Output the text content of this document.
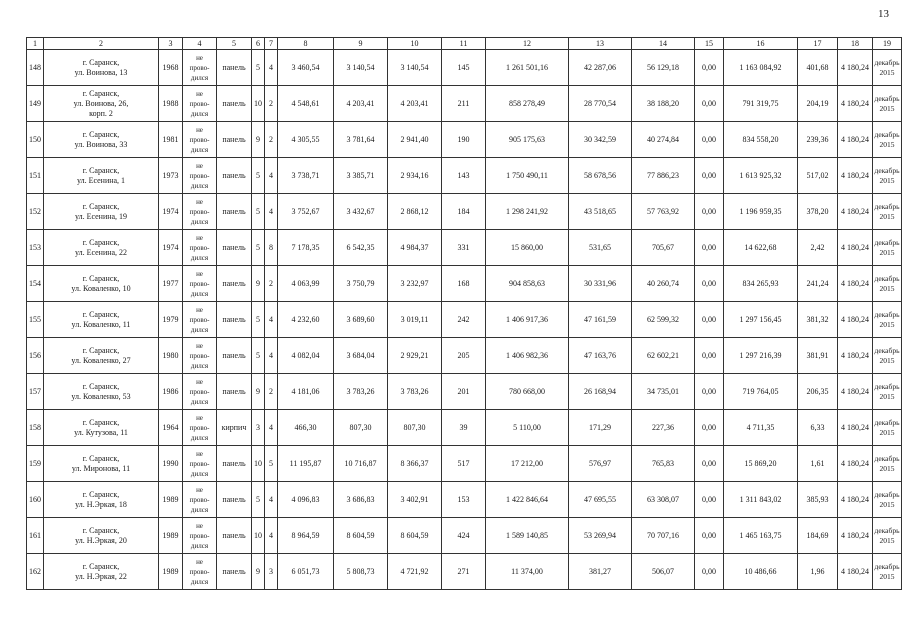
13
1	2	3	4	5	6	7	8	9	10	11	12	13	14	15	16	17	18	19
148	г. Саранск,
ул. Воинова, 13	1968	не
прово-
дился	панель	5	4	3 460,54	3 140,54	3 140,54	145	1 261 501,16	42 287,06	56 129,18	0,00	1 163 084,92	401,68	4 180,24	декабрь
2015
149	г. Саранск,
ул. Воинова, 26,
корп. 2	1988	не
прово-
дился	панель	10	2	4 548,61	4 203,41	4 203,41	211	858 278,49	28 770,54	38 188,20	0,00	791 319,75	204,19	4 180,24	декабрь
2015
150	г. Саранск,
ул. Воинова, 33	1981	не
прово-
дился	панель	9	2	4 305,55	3 781,64	2 941,40	190	905 175,63	30 342,59	40 274,84	0,00	834 558,20	239,36	4 180,24	декабрь
2015
151	г. Саранск,
ул. Есенина, 1	1973	не
прово-
дился	панель	5	4	3 738,71	3 385,71	2 934,16	143	1 750 490,11	58 678,56	77 886,23	0,00	1 613 925,32	517,02	4 180,24	декабрь
2015
152	г. Саранск,
ул. Есенина, 19	1974	не
прово-
дился	панель	5	4	3 752,67	3 432,67	2 868,12	184	1 298 241,92	43 518,65	57 763,92	0,00	1 196 959,35	378,20	4 180,24	декабрь
2015
153	г. Саранск,
ул. Есенина, 22	1974	не
прово-
дился	панель	5	8	7 178,35	6 542,35	4 984,37	331	15 860,00	531,65	705,67	0,00	14 622,68	2,42	4 180,24	декабрь
2015
154	г. Саранск,
ул. Коваленко, 10	1977	не
прово-
дился	панель	9	2	4 063,99	3 750,79	3 232,97	168	904 858,63	30 331,96	40 260,74	0,00	834 265,93	241,24	4 180,24	декабрь
2015
155	г. Саранск,
ул. Коваленко, 11	1979	не
прово-
дился	панель	5	4	4 232,60	3 689,60	3 019,11	242	1 406 917,36	47 161,59	62 599,32	0,00	1 297 156,45	381,32	4 180,24	декабрь
2015
156	г. Саранск,
ул. Коваленко, 27	1980	не
прово-
дился	панель	5	4	4 082,04	3 684,04	2 929,21	205	1 406 982,36	47 163,76	62 602,21	0,00	1 297 216,39	381,91	4 180,24	декабрь
2015
157	г. Саранск,
ул. Коваленко, 53	1986	не
прово-
дился	панель	9	2	4 181,06	3 783,26	3 783,26	201	780 668,00	26 168,94	34 735,01	0,00	719 764,05	206,35	4 180,24	декабрь
2015
158	г. Саранск,
ул. Кутузова, 11	1964	не
прово-
дился	кирпич	3	4	466,30	807,30	807,30	39	5 110,00	171,29	227,36	0,00	4 711,35	6,33	4 180,24	декабрь
2015
159	г. Саранск,
ул. Миронова, 11	1990	не
прово-
дился	панель	10	5	11 195,87	10 716,87	8 366,37	517	17 212,00	576,97	765,83	0,00	15 869,20	1,61	4 180,24	декабрь
2015
160	г. Саранск,
ул. Н.Эркая, 18	1989	не
прово-
дился	панель	5	4	4 096,83	3 686,83	3 402,91	153	1 422 846,64	47 695,55	63 308,07	0,00	1 311 843,02	385,93	4 180,24	декабрь
2015
161	г. Саранск,
ул. Н.Эркая, 20	1989	не
прово-
дился	панель	10	4	8 964,59	8 604,59	8 604,59	424	1 589 140,85	53 269,94	70 707,16	0,00	1 465 163,75	184,69	4 180,24	декабрь
2015
162	г. Саранск,
ул. Н.Эркая, 22	1989	не
прово-
дился	панель	9	3	6 051,73	5 808,73	4 721,92	271	11 374,00	381,27	506,07	0,00	10 486,66	1,96	4 180,24	декабрь
2015
